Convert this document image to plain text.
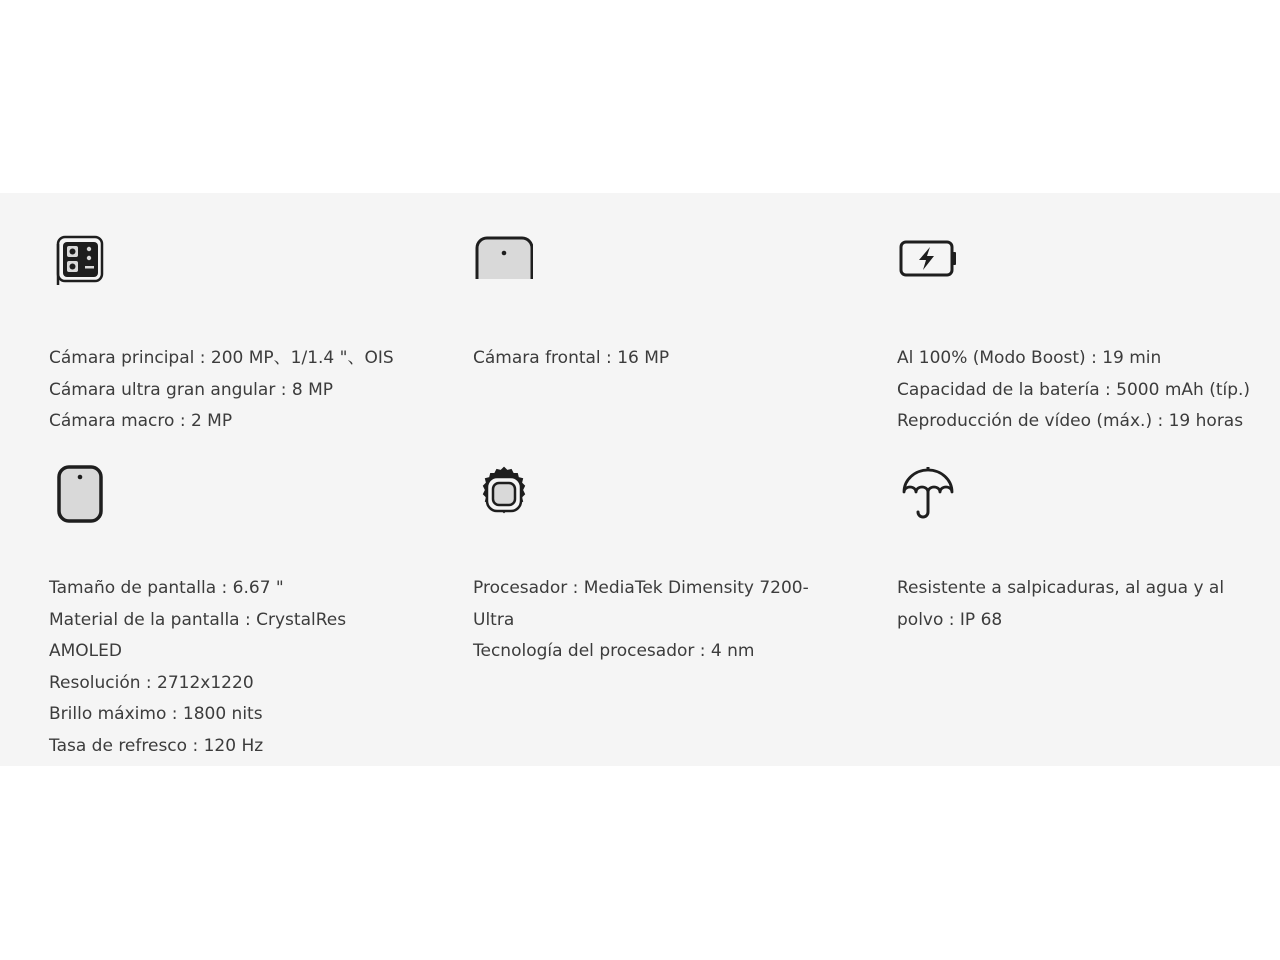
Cámara principal : 200 MP、1/1.4 "、OIS
Cámara ultra gran angular : 8 MP
Cámara macro : 2 MP
Cámara frontal : 16 MP	Al 100% (Modo Boost) : 19 min
Capacidad de la batería : 5000 mAh (típ.)
Reproducción de vídeo (máx.) : 19 horas
Tamaño de pantalla : 6.67 "
Material de la pantalla : CrystalRes AMOLED
Resolución : 2712x1220
Brillo máximo : 1800 nits
Tasa de refresco : 120 Hz
Procesador : MediaTek Dimensity 7200-Ultra
Tecnología del procesador : 4 nm
Resistente a salpicaduras, al agua y al polvo : IP 68
